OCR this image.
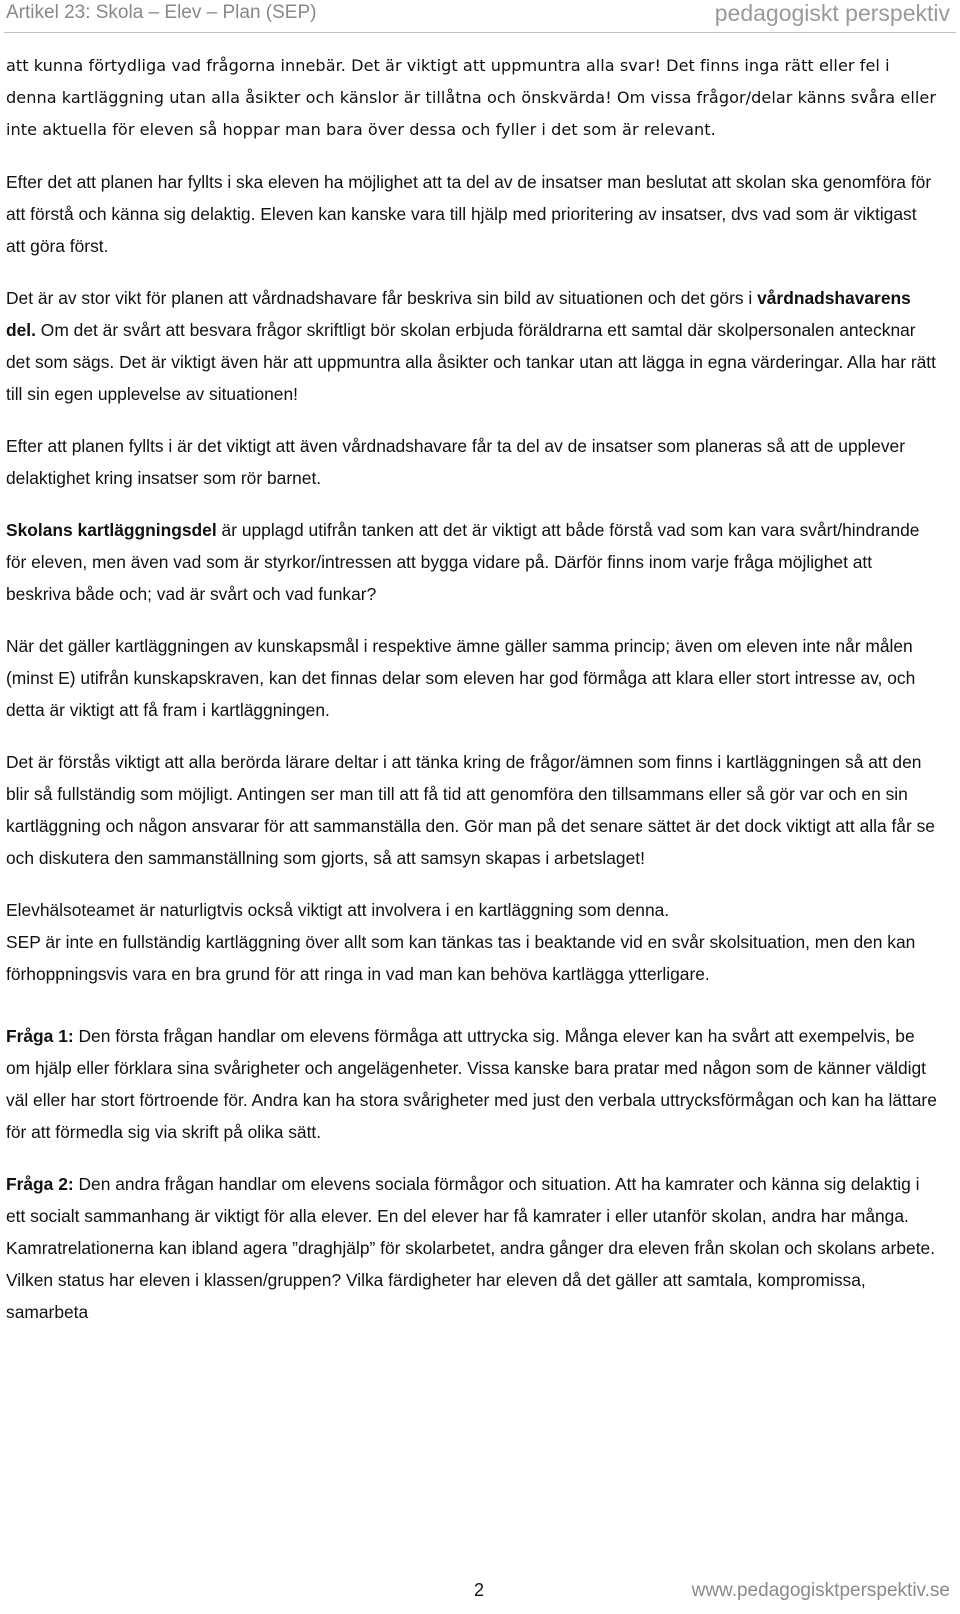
Artikel 23: Skola – Elev – Plan (SEP)	pedagogiskt perspektiv

att kunna förtydliga vad frågorna innebär. Det är viktigt att uppmuntra alla svar! Det finns inga rätt eller fel i denna kartläggning utan alla åsikter och känslor är tillåtna och önskvärda! Om vissa frågor/delar känns svåra eller inte aktuella för eleven så hoppar man bara över dessa och fyller i det som är relevant.

Efter det att planen har fyllts i ska eleven ha möjlighet att ta del av de insatser man beslutat att skolan ska genomföra för att förstå och känna sig delaktig. Eleven kan kanske vara till hjälp med prioritering av insatser, dvs vad som är viktigast att göra först.

Det är av stor vikt för planen att vårdnadshavare får beskriva sin bild av situationen och det görs i vårdnadshavarens del. Om det är svårt att besvara frågor skriftligt bör skolan erbjuda föräldrarna ett samtal där skolpersonalen antecknar det som sägs. Det är viktigt även här att uppmuntra alla åsikter och tankar utan att lägga in egna värderingar. Alla har rätt till sin egen upplevelse av situationen!

Efter att planen fyllts i är det viktigt att även vårdnadshavare får ta del av de insatser som planeras så att de upplever delaktighet kring insatser som rör barnet.

Skolans kartläggningsdel är upplagd utifrån tanken att det är viktigt att både förstå vad som kan vara svårt/hindrande för eleven, men även vad som är styrkor/intressen att bygga vidare på. Därför finns inom varje fråga möjlighet att beskriva både och; vad är svårt och vad funkar?

När det gäller kartläggningen av kunskapsmål i respektive ämne gäller samma princip; även om eleven inte når målen (minst E) utifrån kunskapskraven, kan det finnas delar som eleven har god förmåga att klara eller stort intresse av, och detta är viktigt att få fram i kartläggningen.

Det är förstås viktigt att alla berörda lärare deltar i att tänka kring de frågor/ämnen som finns i kartläggningen så att den blir så fullständig som möjligt. Antingen ser man till att få tid att genomföra den tillsammans eller så gör var och en sin kartläggning och någon ansvarar för att sammanställa den. Gör man på det senare sättet är det dock viktigt att alla får se och diskutera den sammanställning som gjorts, så att samsyn skapas i arbetslaget!

Elevhälsoteamet är naturligtvis också viktigt att involvera i en kartläggning som denna.

SEP är inte en fullständig kartläggning över allt som kan tänkas tas i beaktande vid en svår skolsituation, men den kan förhoppningsvis vara en bra grund för att ringa in vad man kan behöva kartlägga ytterligare.

Fråga 1: Den första frågan handlar om elevens förmåga att uttrycka sig. Många elever kan ha svårt att exempelvis, be om hjälp eller förklara sina svårigheter och angelägenheter. Vissa kanske bara pratar med någon som de känner väldigt väl eller har stort förtroende för. Andra kan ha stora svårigheter med just den verbala uttrycksförmågan och kan ha lättare för att förmedla sig via skrift på olika sätt.

Fråga 2: Den andra frågan handlar om elevens sociala förmågor och situation. Att ha kamrater och känna sig delaktig i ett socialt sammanhang är viktigt för alla elever. En del elever har få kamrater i eller utanför skolan, andra har många. Kamratrelationerna kan ibland agera ”draghjälp” för skolarbetet, andra gånger dra eleven från skolan och skolans arbete. Vilken status har eleven i klassen/gruppen? Vilka färdigheter har eleven då det gäller att samtala, kompromissa, samarbeta

2	www.pedagogisktperspektiv.se
